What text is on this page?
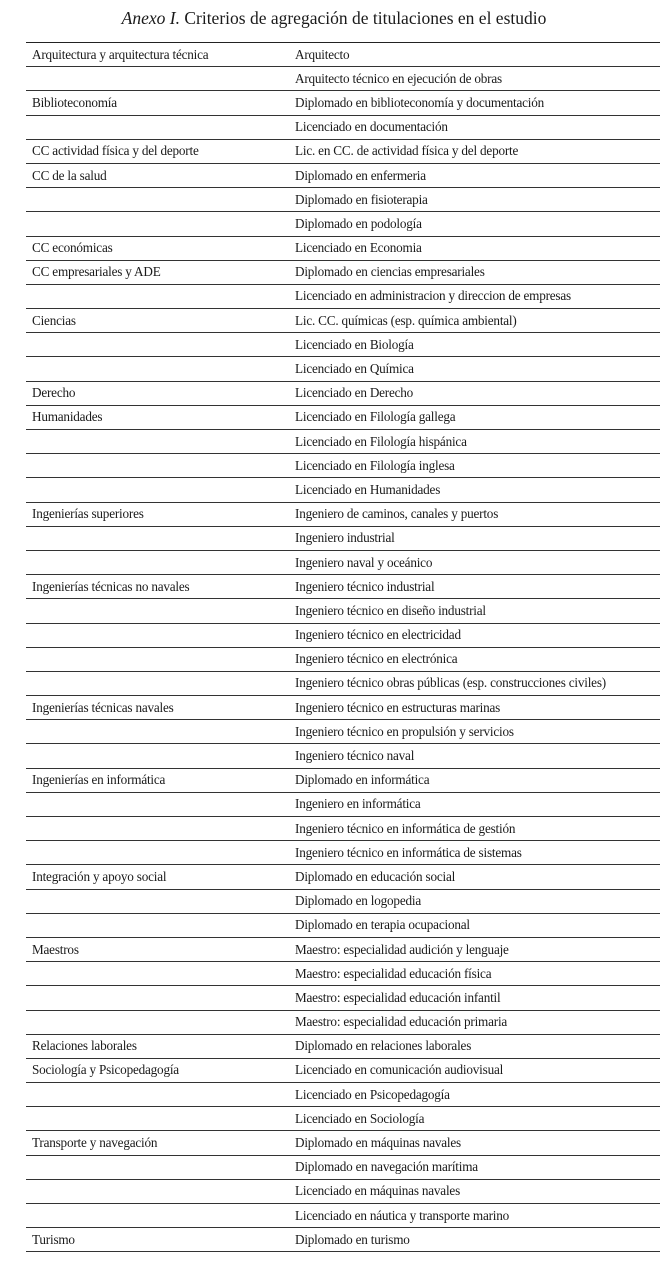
Anexo I. Criterios de agregación de titulaciones en el estudio
Arquitectura y arquitectura técnica	Arquitecto
	Arquitecto técnico en ejecución de obras
Biblioteconomía	Diplomado en biblioteconomía y documentación
	Licenciado en documentación
CC actividad física y del deporte	Lic. en CC. de actividad física y del deporte
CC de la salud	Diplomado en enfermeria
	Diplomado en fisioterapia
	Diplomado en podología
CC económicas	Licenciado en Economia
CC empresariales y ADE	Diplomado en ciencias empresariales
	Licenciado en administracion y direccion de empresas
Ciencias	Lic. CC. químicas (esp. química ambiental)
	Licenciado en Biología
	Licenciado en Química
Derecho	Licenciado en Derecho
Humanidades	Licenciado en Filología gallega
	Licenciado en Filología hispánica
	Licenciado en Filología inglesa
	Licenciado en Humanidades
Ingenierías superiores	Ingeniero de caminos, canales y puertos
	Ingeniero industrial
	Ingeniero naval y oceánico
Ingenierías técnicas no navales	Ingeniero técnico industrial
	Ingeniero técnico en diseño industrial
	Ingeniero técnico en electricidad
	Ingeniero técnico en electrónica
	Ingeniero técnico obras públicas (esp. construcciones civiles)
Ingenierías técnicas navales	Ingeniero técnico en estructuras marinas
	Ingeniero técnico en propulsión y servicios
	Ingeniero técnico naval
Ingenierías en informática	Diplomado en informática
	Ingeniero en informática
	Ingeniero técnico en informática de gestión
	Ingeniero técnico en informática de sistemas
Integración y apoyo social	Diplomado en educación social
	Diplomado en logopedia
	Diplomado en terapia ocupacional
Maestros	Maestro: especialidad audición y lenguaje
	Maestro: especialidad educación física
	Maestro: especialidad educación infantil
	Maestro: especialidad educación primaria
Relaciones laborales	Diplomado en relaciones laborales
Sociología y Psicopedagogía	Licenciado en comunicación audiovisual
	Licenciado en Psicopedagogía
	Licenciado en Sociología
Transporte y navegación	Diplomado en máquinas navales
	Diplomado en navegación marítima
	Licenciado en máquinas navales
	Licenciado en náutica y transporte marino
Turismo	Diplomado en turismo
